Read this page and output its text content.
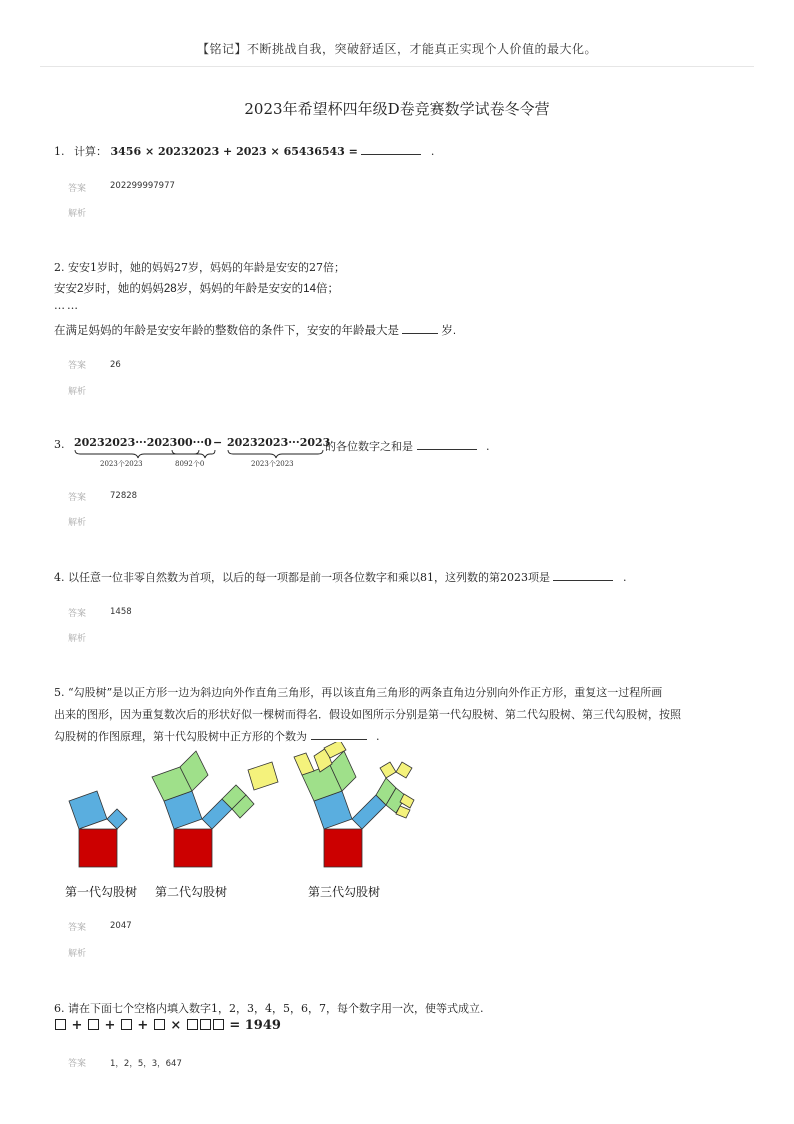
【铭记】不断挑战自我，突破舒适区，才能真正实现个人价值的最大化。
2023年希望杯四年级D卷竞赛数学试卷冬令营
1. 计算： 3456 × 20232023 + 2023 × 65436543 =	.
答案	202299997977
解析
2. 安安1岁时，她的妈妈27岁，妈妈的年龄是安安的27倍；
安安2岁时，她的妈妈28岁，妈妈的年龄是安安的14倍；
……
在满足妈妈的年龄是安安年龄的整数倍的条件下，安安的年龄最大是	岁.
答案	26
解析
3. 20232023···202300···0 − 20232023···2023
的各位数字之和是	.
2023个2023	8092个0	2023个2023
答案	72828
解析
4. 以任意一位非零自然数为首项，以后的每一项都是前一项各位数字和乘以81，这列数的第2023项是	.
答案	1458
解析
5. “勾股树”是以正方形一边为斜边向外作直角三角形，再以该直角三角形的两条直角边分别向外作正方形，重复这一过程所画
出来的图形，因为重复数次后的形状好似一棵树而得名．假设如图所示分别是第一代勾股树、第二代勾股树、第三代勾股树，按照
勾股树的作图原理，第十代勾股树中正方形的个数为	.
第一代勾股树 第二代勾股树	第三代勾股树
答案	2047
解析
6. 请在下面七个空格内填入数字1，2，3，4，5，6，7，每个数字用一次，使等式成立.
+  +  +  ×	= 1949
答案	1，2，5，3，647
